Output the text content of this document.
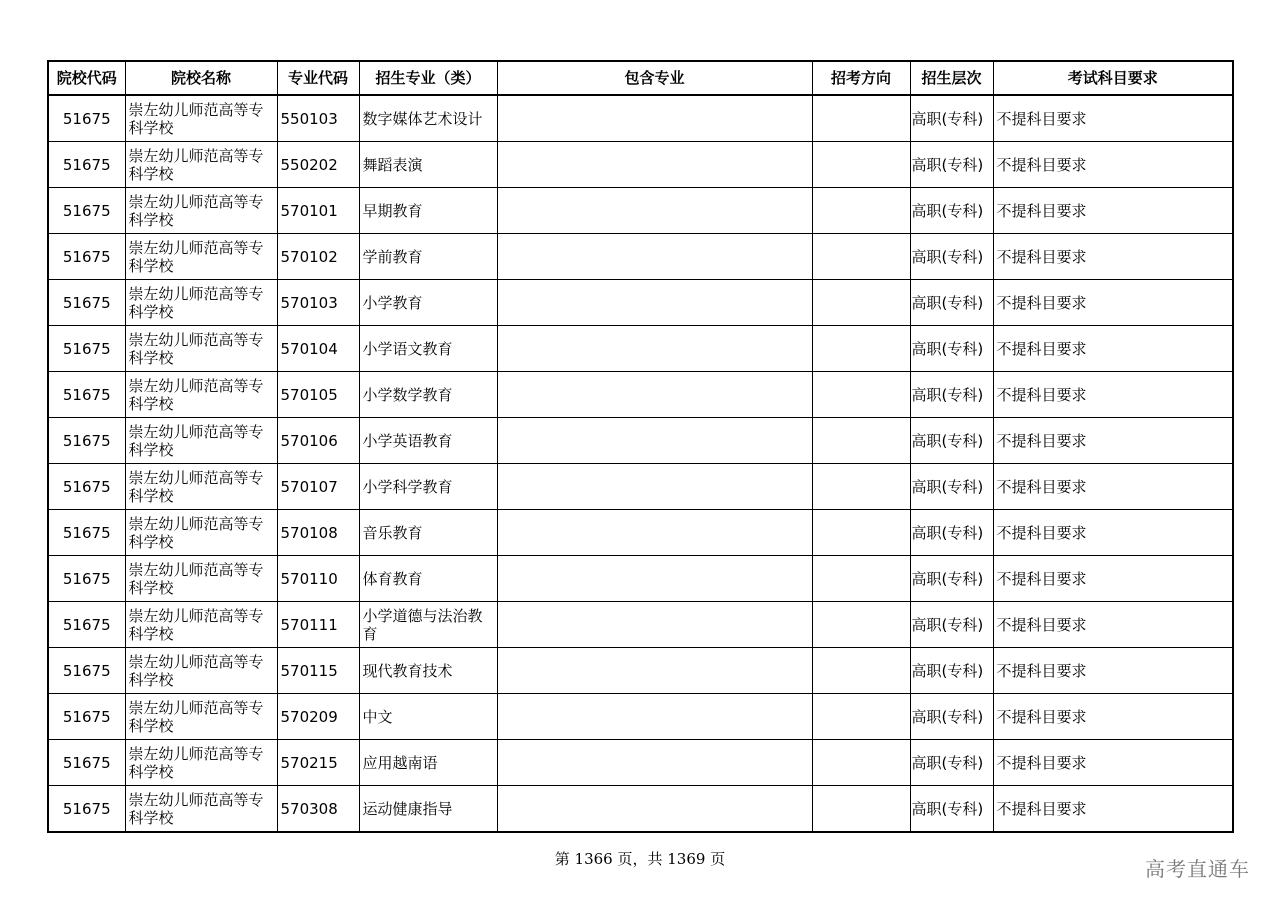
院校代码	院校名称	专业代码	招生专业（类）	包含专业	招考方向	招生层次	考试科目要求
51675	崇左幼儿师范高等专科学校	550103	数字媒体艺术设计			高职(专科)	不提科目要求
51675	崇左幼儿师范高等专科学校	550202	舞蹈表演			高职(专科)	不提科目要求
51675	崇左幼儿师范高等专科学校	570101	早期教育			高职(专科)	不提科目要求
51675	崇左幼儿师范高等专科学校	570102	学前教育			高职(专科)	不提科目要求
51675	崇左幼儿师范高等专科学校	570103	小学教育			高职(专科)	不提科目要求
51675	崇左幼儿师范高等专科学校	570104	小学语文教育			高职(专科)	不提科目要求
51675	崇左幼儿师范高等专科学校	570105	小学数学教育			高职(专科)	不提科目要求
51675	崇左幼儿师范高等专科学校	570106	小学英语教育			高职(专科)	不提科目要求
51675	崇左幼儿师范高等专科学校	570107	小学科学教育			高职(专科)	不提科目要求
51675	崇左幼儿师范高等专科学校	570108	音乐教育			高职(专科)	不提科目要求
51675	崇左幼儿师范高等专科学校	570110	体育教育			高职(专科)	不提科目要求
51675	崇左幼儿师范高等专科学校	570111	小学道德与法治教育			高职(专科)	不提科目要求
51675	崇左幼儿师范高等专科学校	570115	现代教育技术			高职(专科)	不提科目要求
51675	崇左幼儿师范高等专科学校	570209	中文			高职(专科)	不提科目要求
51675	崇左幼儿师范高等专科学校	570215	应用越南语			高职(专科)	不提科目要求
51675	崇左幼儿师范高等专科学校	570308	运动健康指导			高职(专科)	不提科目要求
第 1366 页，共 1369 页	高考直通车
